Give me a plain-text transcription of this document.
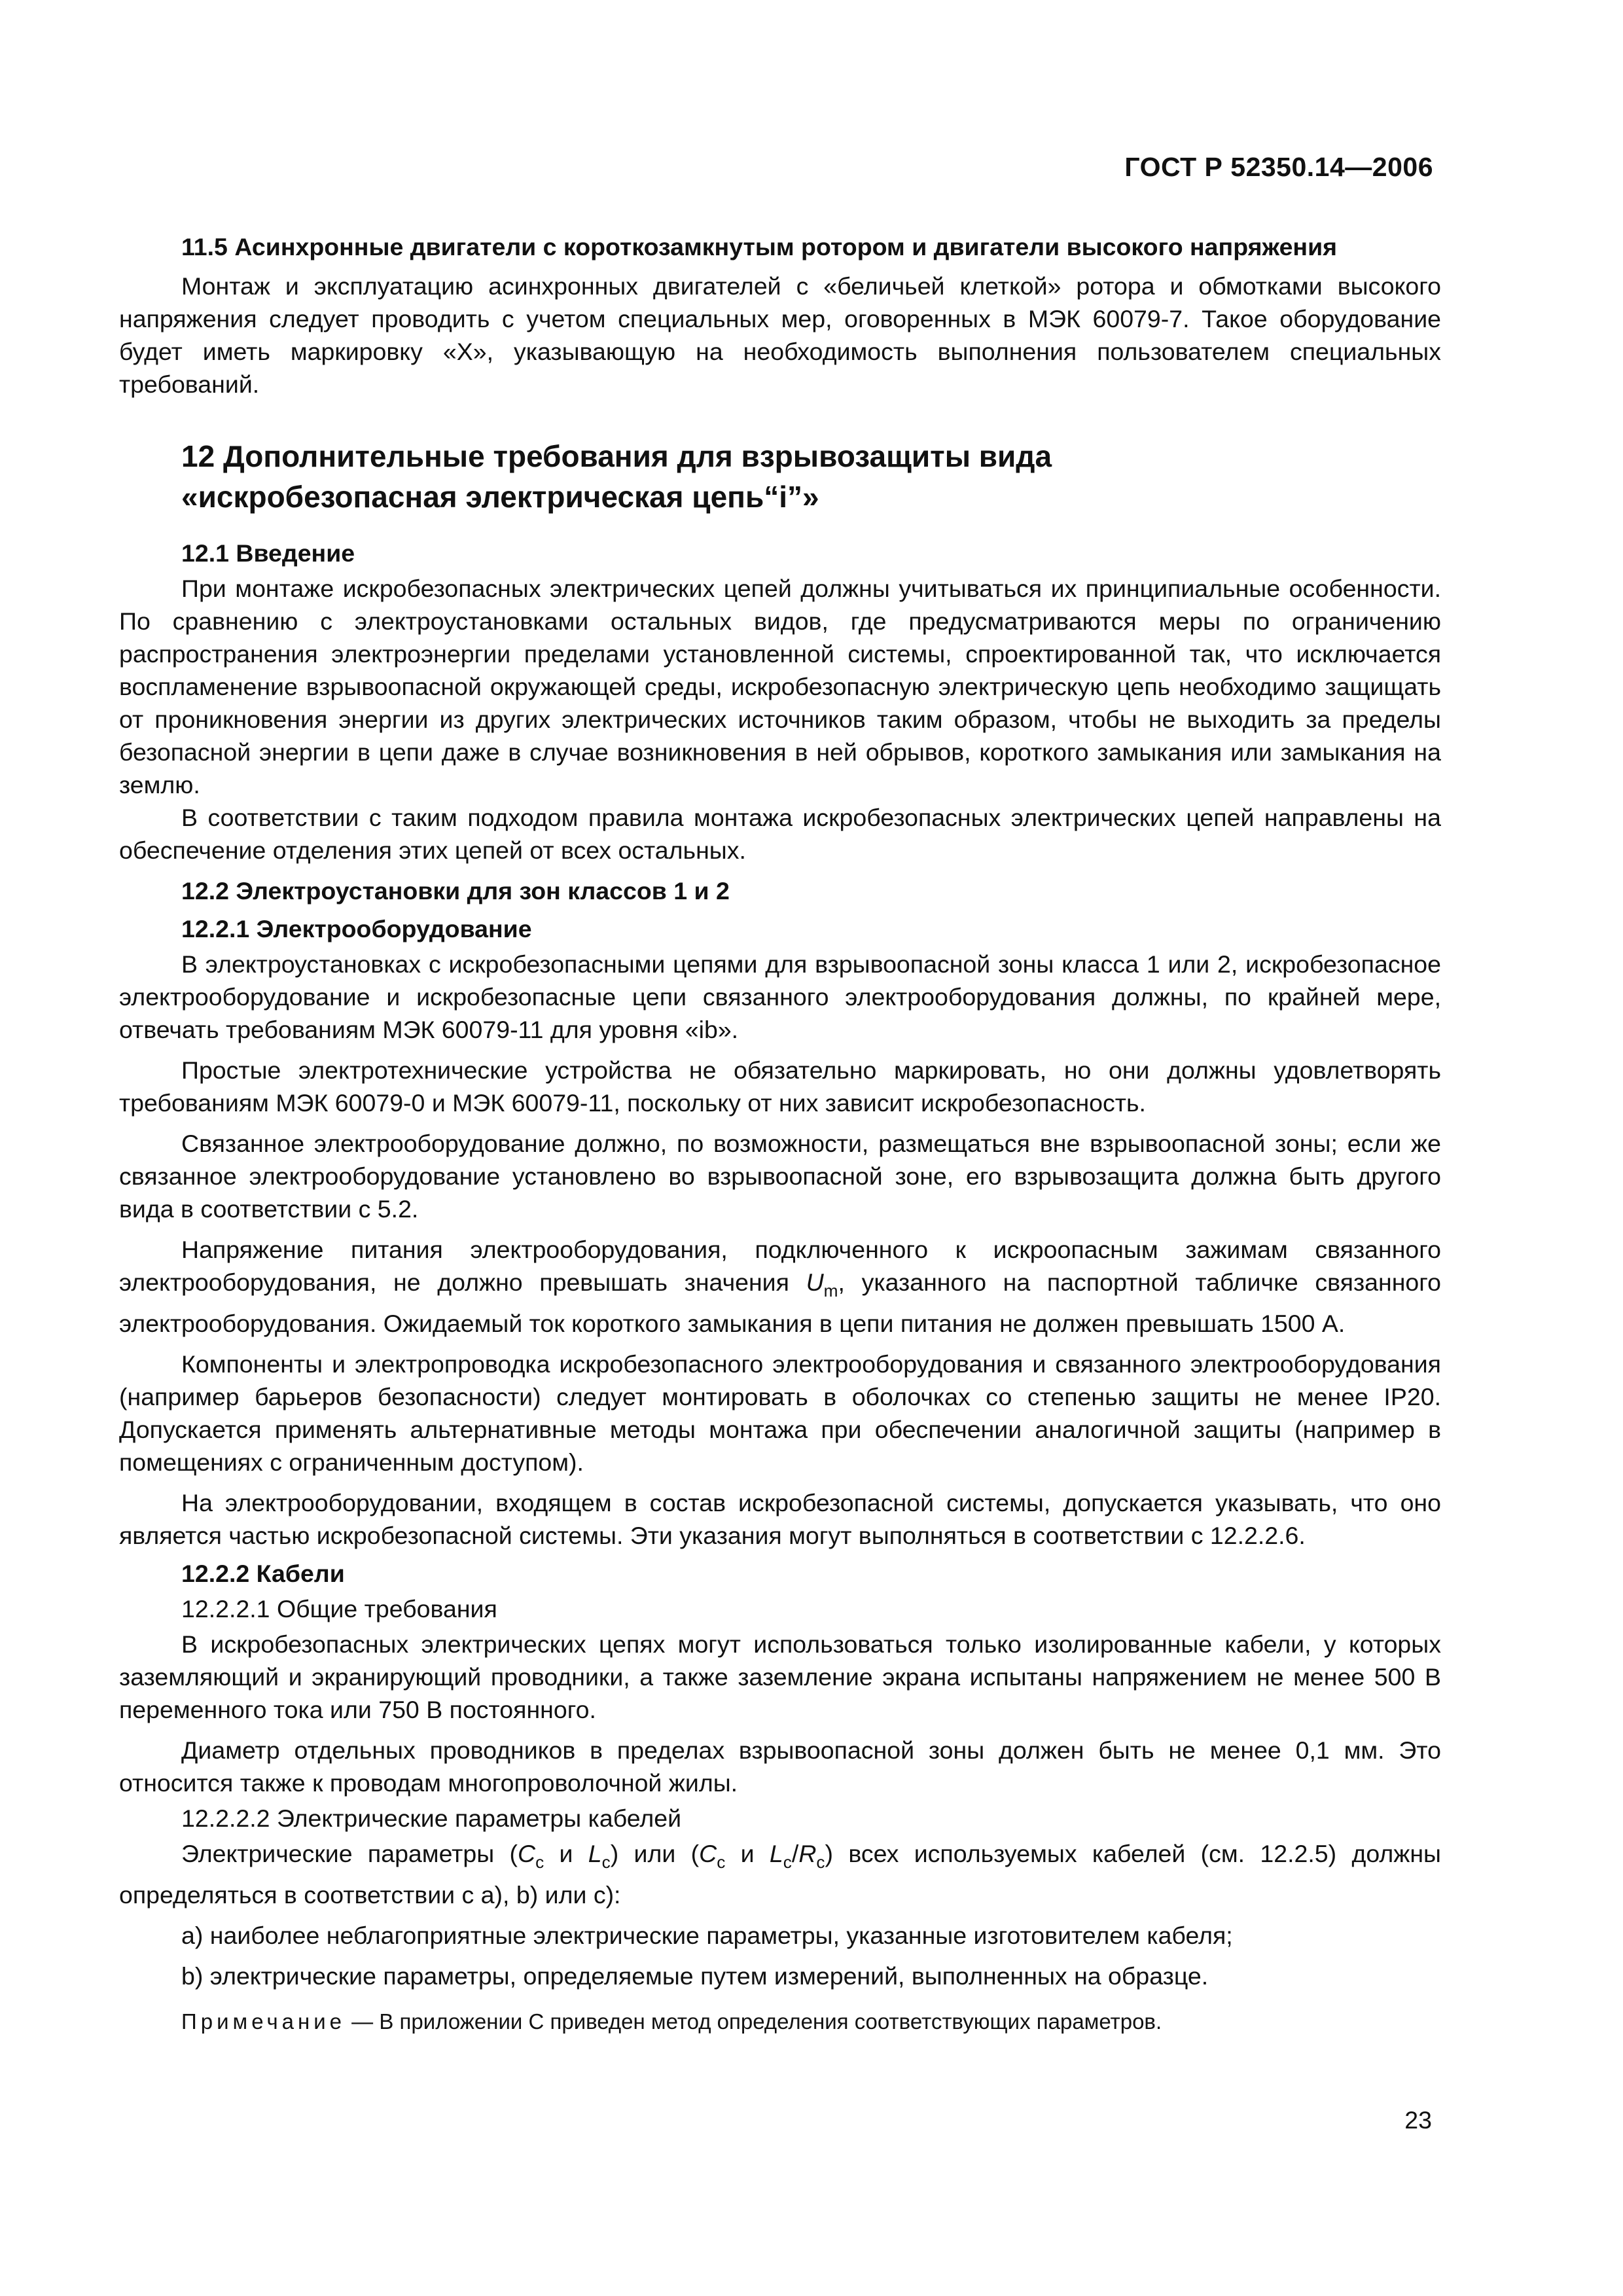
ГОСТ Р 52350.14—2006
11.5 Асинхронные двигатели с короткозамкнутым ротором и двигатели высокого напряжения

Монтаж и эксплуатацию асинхронных двигателей с «беличьей клеткой» ротора и обмотками высокого напряжения следует проводить с учетом специальных мер, оговоренных в МЭК 60079-7. Такое оборудование будет иметь маркировку «X», указывающую на необходимость выполнения пользователем специальных требований.

12 Дополнительные требования для взрывозащиты вида
«искробезопасная электрическая цепь“i”»
12.1 Введение

При монтаже искробезопасных электрических цепей должны учитываться их принципиальные особенности. По сравнению с электроустановками остальных видов, где предусматриваются меры по ограничению распространения электроэнергии пределами установленной системы, спроектированной так, что исключается воспламенение взрывоопасной окружающей среды, искробезопасную электрическую цепь необходимо защищать от проникновения энергии из других электрических источников таким образом, чтобы не выходить за пределы безопасной энергии в цепи даже в случае возникновения в ней обрывов, короткого замыкания или замыкания на землю.

В соответствии с таким подходом правила монтажа искробезопасных электрических цепей направлены на обеспечение отделения этих цепей от всех остальных.

12.2 Электроустановки для зон классов 1 и 2
12.2.1 Электрооборудование

В электроустановках с искробезопасными цепями для взрывоопасной зоны класса 1 или 2, искробезопасное электрооборудование и искробезопасные цепи связанного электрооборудования должны, по крайней мере, отвечать требованиям МЭК 60079-11 для уровня «ib».

Простые электротехнические устройства не обязательно маркировать, но они должны удовлетворять требованиям МЭК 60079-0 и МЭК 60079-11, поскольку от них зависит искробезопасность.

Связанное электрооборудование должно, по возможности, размещаться вне взрывоопасной зоны; если же связанное электрооборудование установлено во взрывоопасной зоне, его взрывозащита должна быть другого вида в соответствии с 5.2.

Напряжение питания электрооборудования, подключенного к искроопасным зажимам связанного электрооборудования, не должно превышать значения $U_m$, указанного на паспортной табличке связанного электрооборудования. Ожидаемый ток короткого замыкания в цепи питания не должен превышать 1500 А.

Компоненты и электропроводка искробезопасного электрооборудования и связанного электрооборудования (например барьеров безопасности) следует монтировать в оболочках со степенью защиты не менее IP20. Допускается применять альтернативные методы монтажа при обеспечении аналогичной защиты (например в помещениях с ограниченным доступом).

На электрооборудовании, входящем в состав искробезопасной системы, допускается указывать, что оно является частью искробезопасной системы. Эти указания могут выполняться в соответствии с 12.2.2.6.

12.2.2 Кабели
12.2.2.1 Общие требования

В искробезопасных электрических цепях могут использоваться только изолированные кабели, у которых заземляющий и экранирующий проводники, а также заземление экрана испытаны напряжением не менее 500 В переменного тока или 750 В постоянного.

Диаметр отдельных проводников в пределах взрывоопасной зоны должен быть не менее 0,1 мм. Это относится также к проводам многопроволочной жилы.

12.2.2.2 Электрические параметры кабелей

Электрические параметры ($C_c$ и $L_c$) или ($C_c$ и $L_c/R_c$) всех используемых кабелей (см. 12.2.5) должны определяться в соответствии с а), b) или с):

а) наиболее неблагоприятные электрические параметры, указанные изготовителем кабеля;

b) электрические параметры, определяемые путем измерений, выполненных на образце.

Примечание — В приложении С приведен метод определения соответствующих параметров.

23
